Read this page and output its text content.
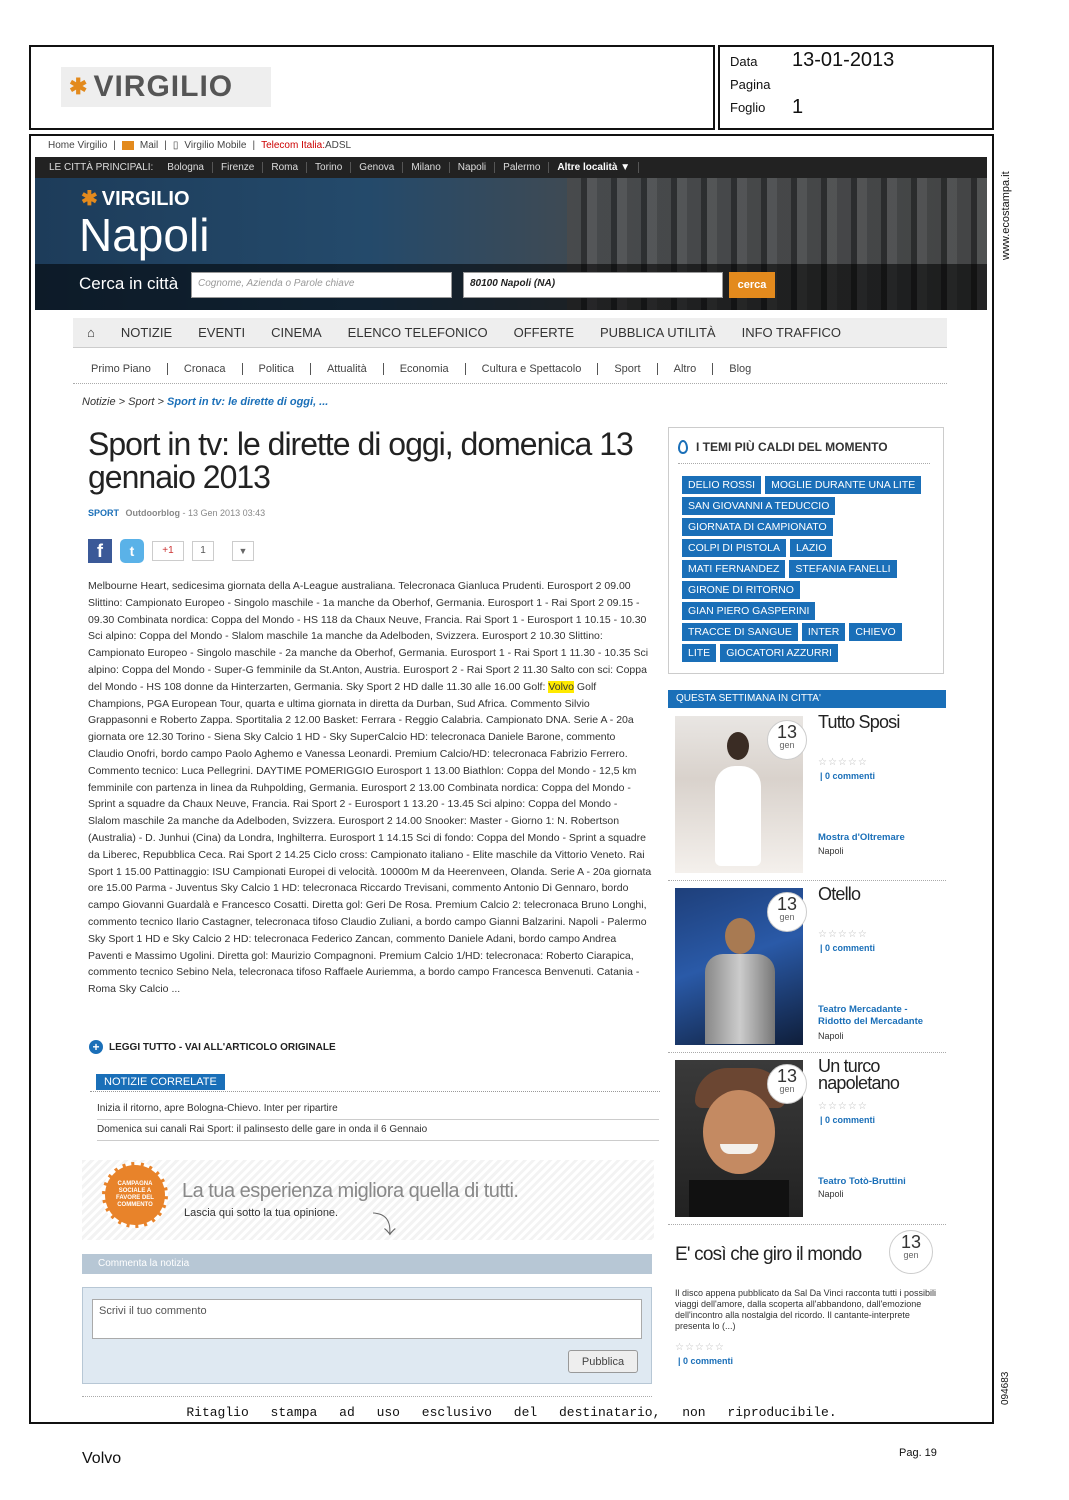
✱ VIRGILIO
Data 13-01-2013
Pagina
Foglio 1
www.ecostampa.it
094683
Home Virgilio | Mail | ▯ Virgilio Mobile | Telecom Italia: ADSL
LE CITTÀ PRINCIPALI:	Bologna	Firenze	Roma	Torino	Genova	Milano	Napoli	Palermo	Altre località ▼
✱ VIRGILIO
Napoli
Cerca in città	Cognome, Azienda o Parole chiave	80100 Napoli (NA)	cerca
⌂ NOTIZIE EVENTI CINEMA ELENCO TELEFONICO OFFERTE PUBBLICA UTILITÀ INFO TRAFFICO
Primo Piano	Cronaca	Politica	Attualità	Economia	Cultura e Spettacolo	Sport	Altro	Blog
Notizie > Sport > Sport in tv: le dirette di oggi, ...
Sport in tv: le dirette di oggi, domenica 13 gennaio 2013
SPORT Outdoorblog - 13 Gen 2013 03:43
f	t	+1	1	▼
Melbourne Heart, sedicesima giornata della A-League australiana. Telecronaca Gianluca Prudenti. Eurosport 2 09.00 Slittino: Campionato Europeo - Singolo maschile - 1a manche da Oberhof, Germania. Eurosport 1 - Rai Sport 2 09.15 - 09.30 Combinata nordica: Coppa del Mondo - HS 118 da Chaux Neuve, Francia. Rai Sport 1 - Eurosport 1 10.15 - 10.30 Sci alpino: Coppa del Mondo - Slalom maschile 1a manche da Adelboden, Svizzera. Eurosport 2 10.30 Slittino: Campionato Europeo - Singolo maschile - 2a manche da Oberhof, Germania. Eurosport 1 - Rai Sport 1 11.30 - 10.35 Sci alpino: Coppa del Mondo - Super-G femminile da St.Anton, Austria. Eurosport 2 - Rai Sport 2 11.30 Salto con sci: Coppa del Mondo - HS 108 donne da Hinterzarten, Germania. Sky Sport 2 HD dalle 11.30 alle 16.00 Golf: Volvo Golf Champions, PGA European Tour, quarta e ultima giornata in diretta da Durban, Sud Africa. Commento Silvio Grappasonni e Roberto Zappa. Sportitalia 2 12.00 Basket: Ferrara - Reggio Calabria. Campionato DNA. Serie A - 20a giornata ore 12.30 Torino - Siena Sky Calcio 1 HD - Sky SuperCalcio HD: telecronaca Daniele Barone, commento Claudio Onofri, bordo campo Paolo Aghemo e Vanessa Leonardi. Premium Calcio/HD: telecronaca Fabrizio Ferrero. Commento tecnico: Luca Pellegrini. DAYTIME POMERIGGIO Eurosport 1 13.00 Biathlon: Coppa del Mondo - 12,5 km femminile con partenza in linea da Ruhpolding, Germania. Eurosport 2 13.00 Combinata nordica: Coppa del Mondo - Sprint a squadre da Chaux Neuve, Francia. Rai Sport 2 - Eurosport 1 13.20 - 13.45 Sci alpino: Coppa del Mondo - Slalom maschile 2a manche da Adelboden, Svizzera. Eurosport 2 14.00 Snooker: Master - Giorno 1: N. Robertson (Australia) - D. Junhui (Cina) da Londra, Inghilterra. Eurosport 1 14.15 Sci di fondo: Coppa del Mondo - Sprint a squadre da Liberec, Repubblica Ceca. Rai Sport 2 14.25 Ciclo cross: Campionato italiano - Elite maschile da Vittorio Veneto. Rai Sport 1 15.00 Pattinaggio: ISU Campionati Europei di velocità. 10000m M da Heerenveen, Olanda. Serie A - 20a giornata ore 15.00 Parma - Juventus Sky Calcio 1 HD: telecronaca Riccardo Trevisani, commento Antonio Di Gennaro, bordo campo Giovanni Guardalà e Francesco Cosatti. Diretta gol: Geri De Rosa. Premium Calcio 2: telecronaca Bruno Longhi, commento tecnico Ilario Castagner, telecronaca tifoso Claudio Zuliani, a bordo campo Gianni Balzarini. Napoli - Palermo Sky Sport 1 HD e Sky Calcio 2 HD: telecronaca Federico Zancan, commento Daniele Adani, bordo campo Andrea Paventi e Massimo Ugolini. Diretta gol: Maurizio Compagnoni. Premium Calcio 1/HD: telecronaca: Roberto Ciarapica, commento tecnico Sebino Nela, telecronaca tifoso Raffaele Auriemma, a bordo campo Francesca Benvenuti. Catania - Roma Sky Calcio ...
+ LEGGI TUTTO - VAI ALL'ARTICOLO ORIGINALE
NOTIZIE CORRELATE
Inizia il ritorno, apre Bologna-Chievo. Inter per ripartire
Domenica sui canali Rai Sport: il palinsesto delle gare in onda il 6 Gennaio
CAMPAGNA SOCIALE A FAVORE DEL COMMENTO
La tua esperienza migliora quella di tutti.
Lascia qui sotto la tua opinione. ⤵
Commenta la notizia
Scrivi il tuo commento
Pubblica
I TEMI PIÙ CALDI DEL MOMENTO
DELIO ROSSI	MOGLIE DURANTE UNA LITE
SAN GIOVANNI A TEDUCCIO
GIORNATA DI CAMPIONATO
COLPI DI PISTOLA	LAZIO
MATI FERNANDEZ	STEFANIA FANELLI
GIRONE DI RITORNO
GIAN PIERO GASPERINI
TRACCE DI SANGUE	INTER	CHIEVO
LITE	GIOCATORI AZZURRI
QUESTA SETTIMANA IN CITTA'
13
gen
Tutto Sposi
☆☆☆☆☆
| 0 commenti
Mostra d'Oltremare
Napoli
13
gen
Otello
☆☆☆☆☆
| 0 commenti
Teatro Mercadante - Ridotto del Mercadante
Napoli
13
gen
Un turco napoletano
☆☆☆☆☆
| 0 commenti
Teatro Totò-Bruttini
Napoli
E' così che giro il mondo
13
gen
Il disco appena pubblicato da Sal Da Vinci racconta tutti i possibili viaggi dell'amore, dalla scoperta all'abbandono, dall'emozione dell'incontro alla nostalgia del ricordo. Il cantante-interprete presenta lo (...)
☆☆☆☆☆
| 0 commenti
Ritaglio stampa ad uso esclusivo del destinatario, non riproducibile.
Volvo	Pag. 19
